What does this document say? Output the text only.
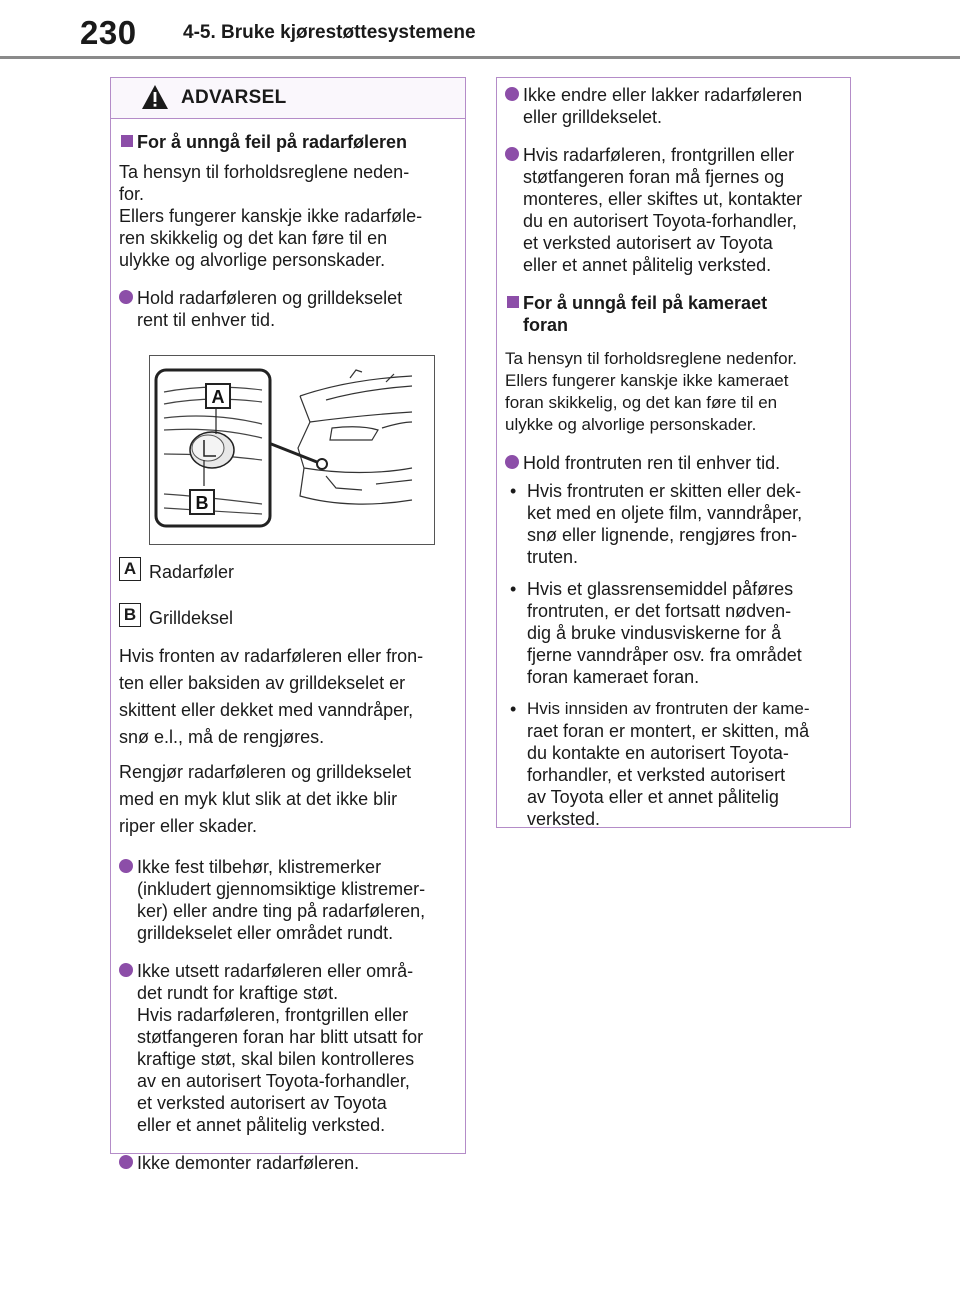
230 4-5. Bruke kjørestøttesystemene
ADVARSEL
For å unngå feil på radarføleren
Ta hensyn til forholdsreglene neden-
for.
Ellers fungerer kanskje ikke radarføle-
ren skikkelig og det kan føre til en
ulykke og alvorlige personskader.
Hold radarføleren og grilldekselet
rent til enhver tid.
A
B
A Radarføler
B Grilldeksel
Hvis fronten av radarføleren eller fron-
ten eller baksiden av grilldekselet er
skittent eller dekket med vanndråper,
snø e.l., må de rengjøres.
Rengjør radarføleren og grilldekselet
med en myk klut slik at det ikke blir
riper eller skader.
Ikke fest tilbehør, klistremerker
(inkludert gjennomsiktige klistremer-
ker) eller andre ting på radarføleren,
grilldekselet eller området rundt.
Ikke utsett radarføleren eller områ-
det rundt for kraftige støt.
Hvis radarføleren, frontgrillen eller
støtfangeren foran har blitt utsatt for
kraftige støt, skal bilen kontrolleres
av en autorisert Toyota-forhandler,
et verksted autorisert av Toyota
eller et annet pålitelig verksted.
Ikke demonter radarføleren.
Ikke endre eller lakker radarføleren
eller grilldekselet.
Hvis radarføleren, frontgrillen eller
støtfangeren foran må fjernes og
monteres, eller skiftes ut, kontakter
du en autorisert Toyota-forhandler,
et verksted autorisert av Toyota
eller et annet pålitelig verksted.
For å unngå feil på kameraet
foran
Ta hensyn til forholdsreglene nedenfor.
Ellers fungerer kanskje ikke kameraet
foran skikkelig, og det kan føre til en
ulykke og alvorlige personskader.
Hold frontruten ren til enhver tid.
• Hvis frontruten er skitten eller dek-
ket med en oljete film, vanndråper,
snø eller lignende, rengjøres fron-
truten.
• Hvis et glassrensemiddel påføres
frontruten, er det fortsatt nødven-
dig å bruke vindusviskerne for å
fjerne vanndråper osv. fra området
foran kameraet foran.
• Hvis innsiden av frontruten der kame-
raet foran er montert, er skitten, må
du kontakte en autorisert Toyota-
forhandler, et verksted autorisert
av Toyota eller et annet pålitelig
verksted.
